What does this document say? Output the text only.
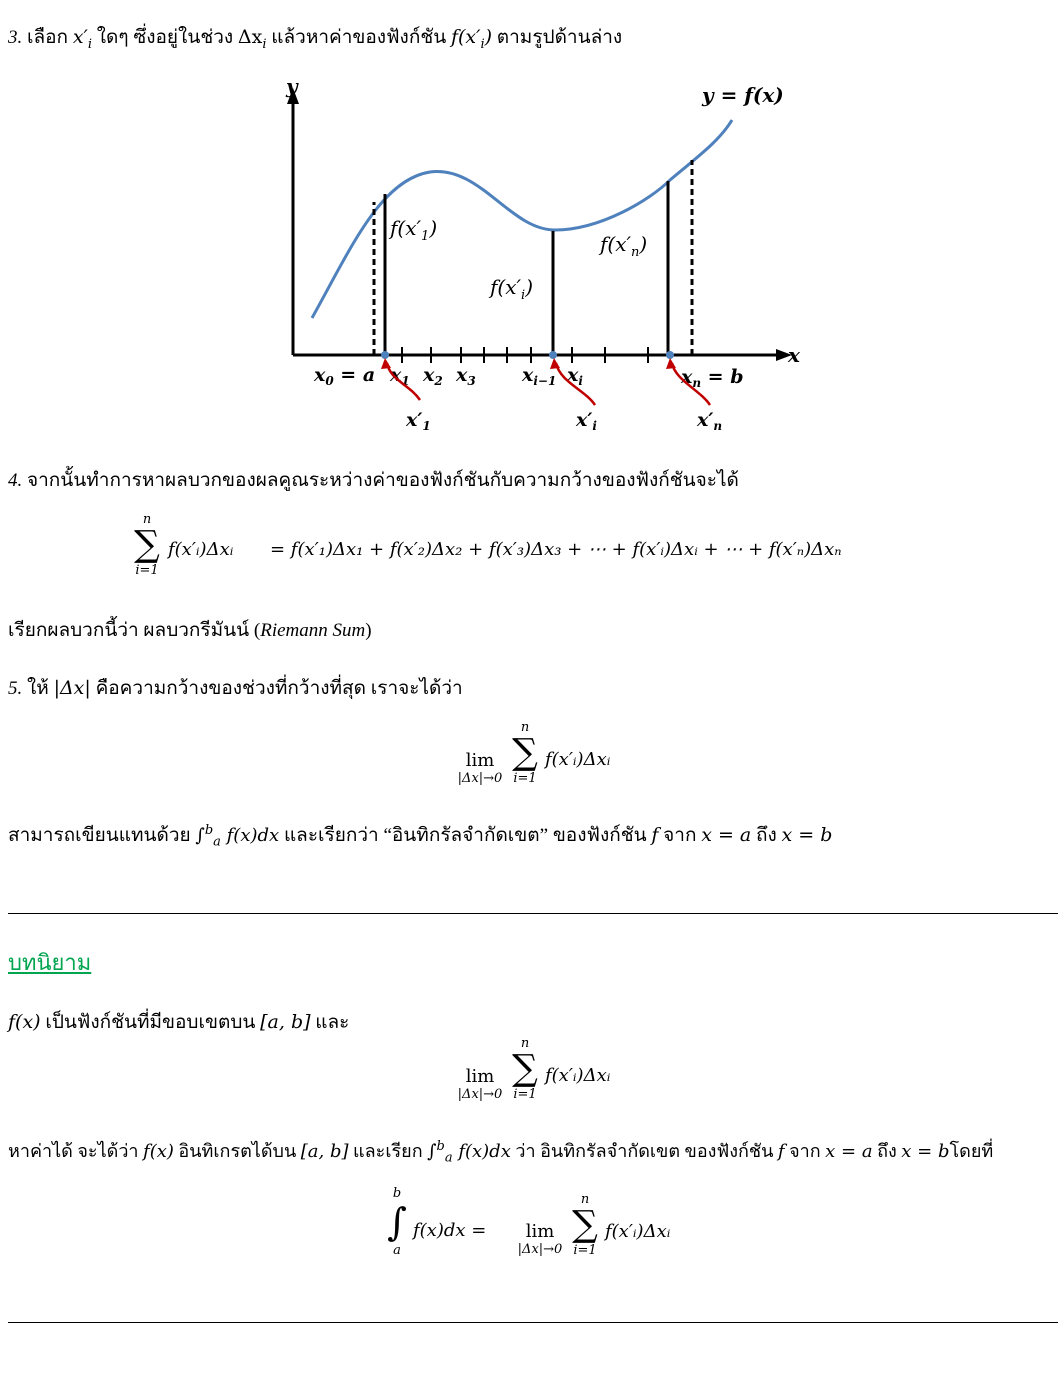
3. เลือก $x'_i$ ใดๆ ซึ่งอยู่ในช่วง $\Delta x_i$ แล้วหาค่าของฟังก์ชัน $f(x'_i)$ ตามรูปด้านล่าง
y
x
y = f(x)
$f(x'_1)$
$f(x'_i)$
$f(x'_n)$
$x_0 = a$ $x_1$ $x_2$ $x_3$ $x_{i-1}$ $x_i$	$x_n = b$
$x'_1$	$x'_i$	$x'_n$
4. จากนั้นทำการหาผลบวกของผลคูณระหว่างค่าของฟังก์ชันกับความกว้างของฟังก์ชันจะได้
n
∑
i=1
f(x′ᵢ)Δxᵢ = f(x′₁)Δx₁ + f(x′₂)Δx₂ + f(x′₃)Δx₃ + ⋯ + f(x′ᵢ)Δxᵢ + ⋯ + f(x′ₙ)Δxₙ
เรียกผลบวกนี้ว่า ผลบวกรีมันน์ (Riemann Sum)
5. ให้ |Δx| คือความกว้างของช่วงที่กว้างที่สุด เราจะได้ว่า
lim
|Δx|→0
n
∑
i=1
f(x′ᵢ)Δxᵢ
สามารถเขียนแทนด้วย ∫$^b_a$ f(x)dx และเรียกว่า “อินทิกรัลจำกัดเขต” ของฟังก์ชัน f จาก x = a ถึง x = b
บทนิยาม
f(x) เป็นฟังก์ชันที่มีขอบเขตบน [a, b] และ
lim
|Δx|→0
n
∑
i=1
f(x′ᵢ)Δxᵢ
หาค่าได้ จะได้ว่า f(x) อินทิเกรตได้บน [a, b] และเรียก ∫$^b_a$ f(x)dx ว่า อินทิกรัลจำกัดเขต ของฟังก์ชัน f จาก x = a ถึง x = bโดยที่
b
∫
a
f(x)dx =	lim
|Δx|→0
n
∑
i=1
f(x′ᵢ)Δxᵢ
